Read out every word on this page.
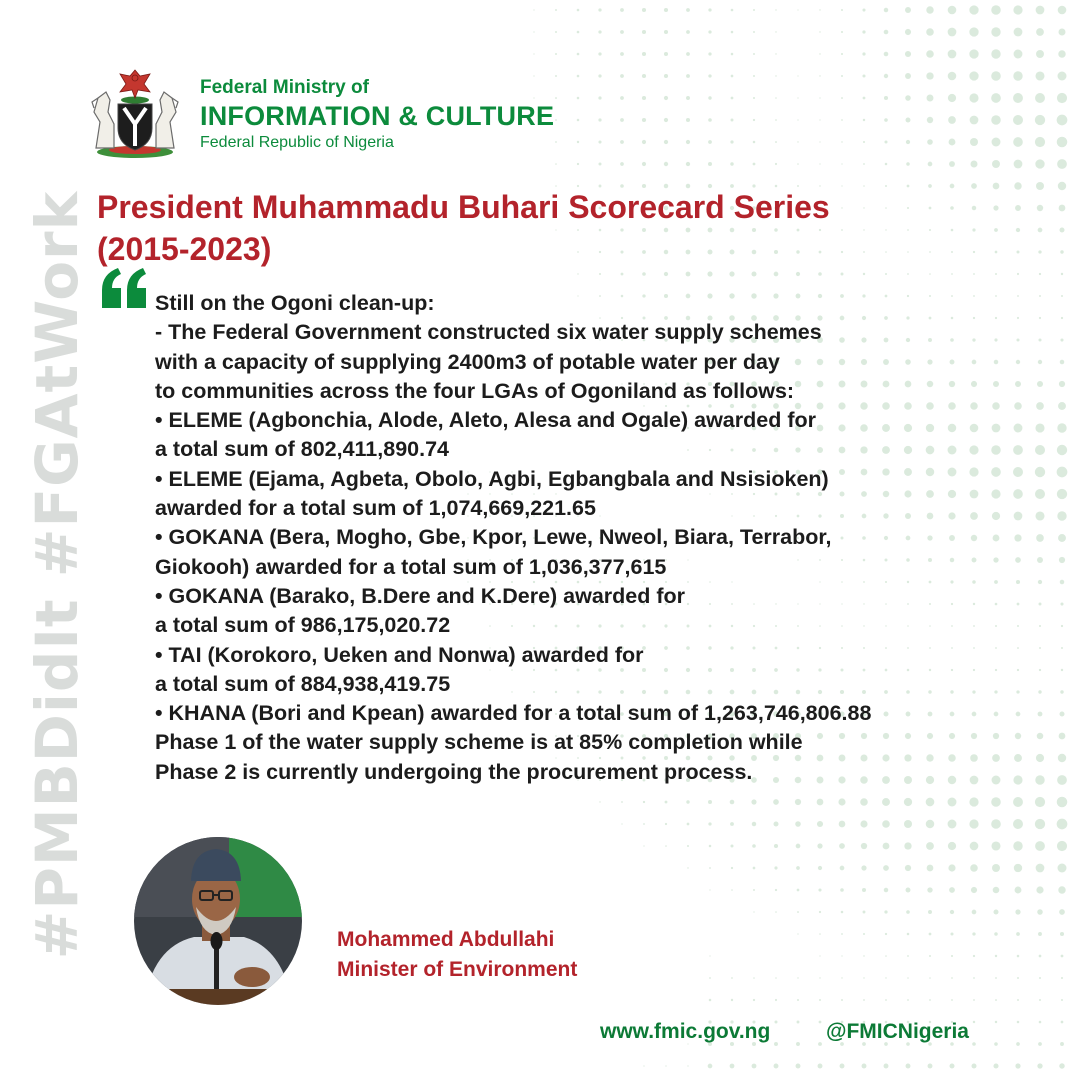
#PMBDidIt #FGAtWork
Federal Ministry of
INFORMATION & CULTURE
Federal Republic of Nigeria
President Muhammadu Buhari Scorecard Series
(2015-2023)
Still on the Ogoni clean-up:
- The Federal Government constructed six water supply schemes
with a capacity of supplying 2400m3 of potable water per day
to communities across the four LGAs of Ogoniland as follows:
• ELEME (Agbonchia, Alode, Aleto, Alesa and Ogale) awarded for
a total sum of 802,411,890.74
• ELEME (Ejama, Agbeta, Obolo, Agbi, Egbangbala and Nsisioken)
awarded for a total sum of 1,074,669,221.65
• GOKANA (Bera, Mogho, Gbe, Kpor, Lewe, Nweol, Biara, Terrabor,
Giokooh) awarded for a total sum of 1,036,377,615
• GOKANA (Barako, B.Dere and K.Dere) awarded for
a total sum of 986,175,020.72
• TAI (Korokoro, Ueken and Nonwa) awarded for
a total sum of 884,938,419.75
• KHANA (Bori and Kpean) awarded for a total sum of 1,263,746,806.88
Phase 1 of the water supply scheme is at 85% completion while
Phase 2 is currently undergoing the procurement process.
Mohammed Abdullahi
Minister of Environment
www.fmic.gov.ng	@FMICNigeria
